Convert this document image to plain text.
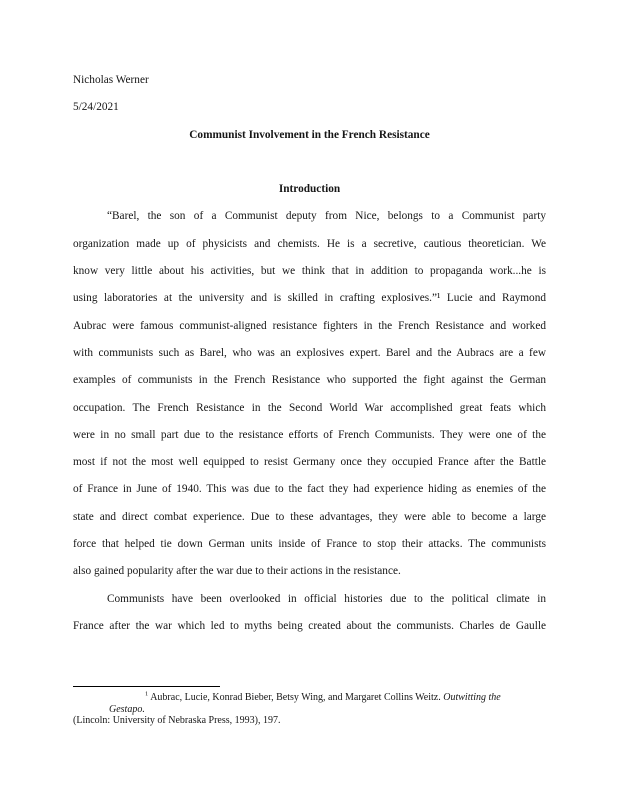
Nicholas Werner
5/24/2021
Communist Involvement in the French Resistance
Introduction
“Barel, the son of a Communist deputy from Nice, belongs to a Communist party
organization made up of physicists and chemists. He is a secretive, cautious theoretician. We
know very little about his activities, but we think that in addition to propaganda work...he is
using laboratories at the university and is skilled in crafting explosives.”¹ Lucie and Raymond
Aubrac were famous communist-aligned resistance fighters in the French Resistance and worked
with communists such as Barel, who was an explosives expert. Barel and the Aubracs are a few
examples of communists in the French Resistance who supported the fight against the German
occupation. The French Resistance in the Second World War accomplished great feats which
were in no small part due to the resistance efforts of French Communists. They were one of the
most if not the most well equipped to resist Germany once they occupied France after the Battle
of France in June of 1940. This was due to the fact they had experience hiding as enemies of the
state and direct combat experience. Due to these advantages, they were able to become a large
force that helped tie down German units inside of France to stop their attacks. The communists
also gained popularity after the war due to their actions in the resistance.
Communists have been overlooked in official histories due to the political climate in
France after the war which led to myths being created about the communists. Charles de Gaulle
$^1$ Aubrac, Lucie, Konrad Bieber, Betsy Wing, and Margaret Collins Weitz. Outwitting the
Gestapo.
(Lincoln: University of Nebraska Press, 1993), 197.
